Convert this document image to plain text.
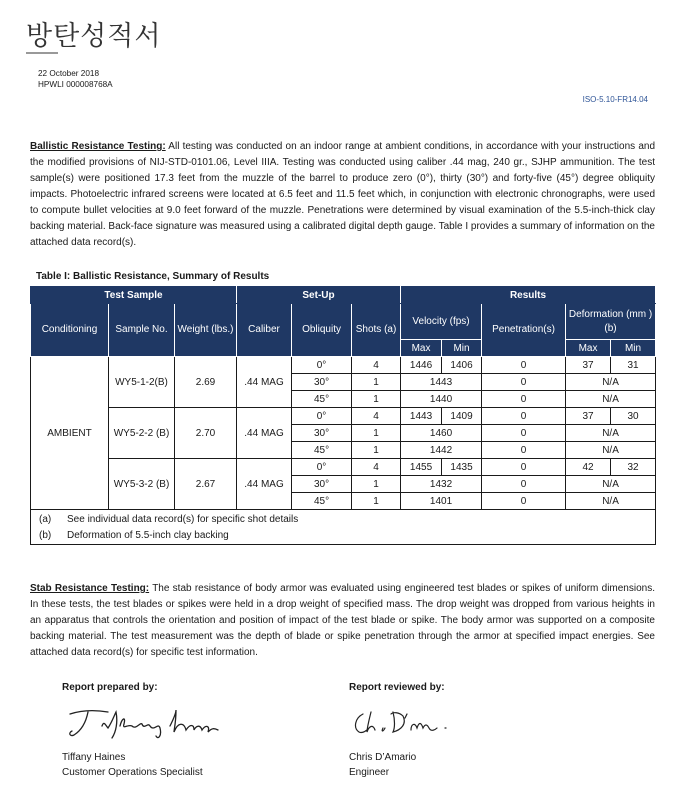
방탄성적서
22 October 2018
HPWLI 000008768A
ISO-5.10-FR14.04
Ballistic Resistance Testing: All testing was conducted on an indoor range at ambient conditions, in accordance with your instructions and the modified provisions of NIJ-STD-0101.06, Level IIIA. Testing was conducted using caliber .44 mag, 240 gr., SJHP ammunition. The test sample(s) were positioned 17.3 feet from the muzzle of the barrel to produce zero (0°), thirty (30°) and forty-five (45°) degree obliquity impacts. Photoelectric infrared screens were located at 6.5 feet and 11.5 feet which, in conjunction with electronic chronographs, were used to compute bullet velocities at 9.0 feet forward of the muzzle. Penetrations were determined by visual examination of the 5.5-inch-thick clay backing material. Back-face signature was measured using a calibrated digital depth gauge. Table I provides a summary of information on the attached data record(s).
Table I: Ballistic Resistance, Summary of Results
Test Sample	Set-Up	Results
Conditioning	Sample No.	Weight (lbs.)	Caliber	Obliquity	Shots (a)	Velocity (fps)	Penetration(s)	Deformation (mm ) (b)
Max	Min	Max	Min
AMBIENT	WY5-1-2(B)	2.69	.44 MAG	0°	4	1446	1406	0	37	31
30°	1	1443	0	N/A
45°	1	1440	0	N/A
WY5-2-2 (B)	2.70	.44 MAG	0°	4	1443	1409	0	37	30
30°	1	1460	0	N/A
45°	1	1442	0	N/A
WY5-3-2 (B)	2.67	.44 MAG	0°	4	1455	1435	0	42	32
30°	1	1432	0	N/A
45°	1	1401	0	N/A

(a)	See individual data record(s) for specific shot details
(b)	Deformation of 5.5-inch clay backing
Stab Resistance Testing: The stab resistance of body armor was evaluated using engineered test blades or spikes of uniform dimensions. In these tests, the test blades or spikes were held in a drop weight of specified mass. The drop weight was dropped from various heights in an apparatus that controls the orientation and position of impact of the test blade or spike. The body armor was supported on a composite backing material. The test measurement was the depth of blade or spike penetration through the armor at specified impact energies. See attached data record(s) for specific test information.
Report prepared by:	Report reviewed by:
Tiffany Haines
Customer Operations Specialist
Chris D’Amario
Engineer
